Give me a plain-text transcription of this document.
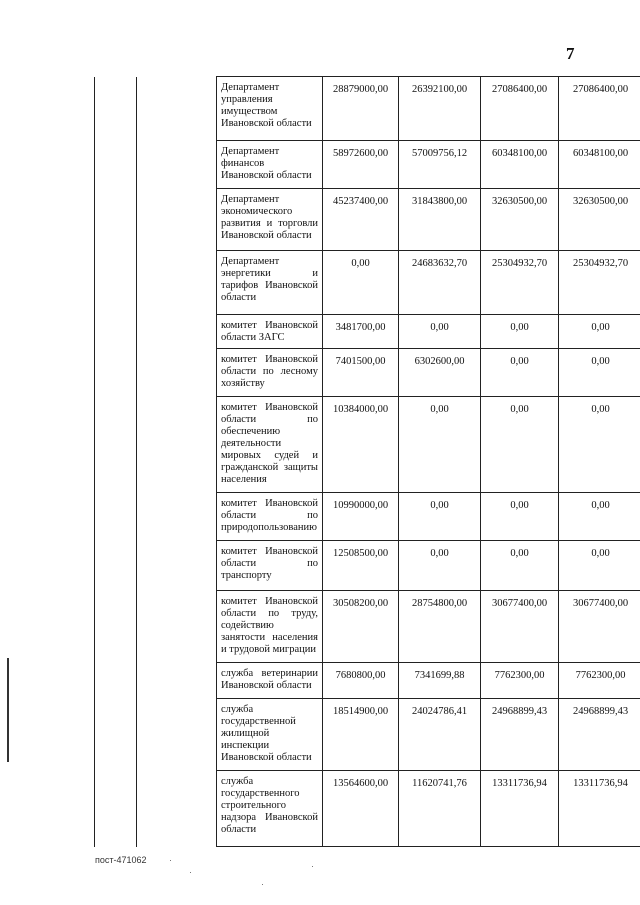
7
		Департамент управления имуществом Ивановской области	28879000,00	26392100,00	27086400,00	27086400,00
		Департамент финансов Ивановской области	58972600,00	57009756,12	60348100,00	60348100,00
		Департамент экономического развития и торговли Ивановской области	45237400,00	31843800,00	32630500,00	32630500,00
		Департамент энергетики и тарифов Ивановской области	0,00	24683632,70	25304932,70	25304932,70
		комитет Ивановской области ЗАГС	3481700,00	0,00	0,00	0,00
		комитет Ивановской области по лесному хозяйству	7401500,00	6302600,00	0,00	0,00
		комитет Ивановской области по обеспечению деятельности мировых судей и гражданской защиты населения	10384000,00	0,00	0,00	0,00
		комитет Ивановской области по природопользованию	10990000,00	0,00	0,00	0,00
		комитет Ивановской области по транспорту	12508500,00	0,00	0,00	0,00
		комитет Ивановской области по труду, содействию занятости населения и трудовой миграции	30508200,00	28754800,00	30677400,00	30677400,00
		служба ветеринарии Ивановской области	7680800,00	7341699,88	7762300,00	7762300,00
		служба государственной жилищной инспекции Ивановской области	18514900,00	24024786,41	24968899,43	24968899,43
		служба государственного строительного надзора Ивановской области	13564600,00	11620741,76	13311736,94	13311736,94
пост-471062
